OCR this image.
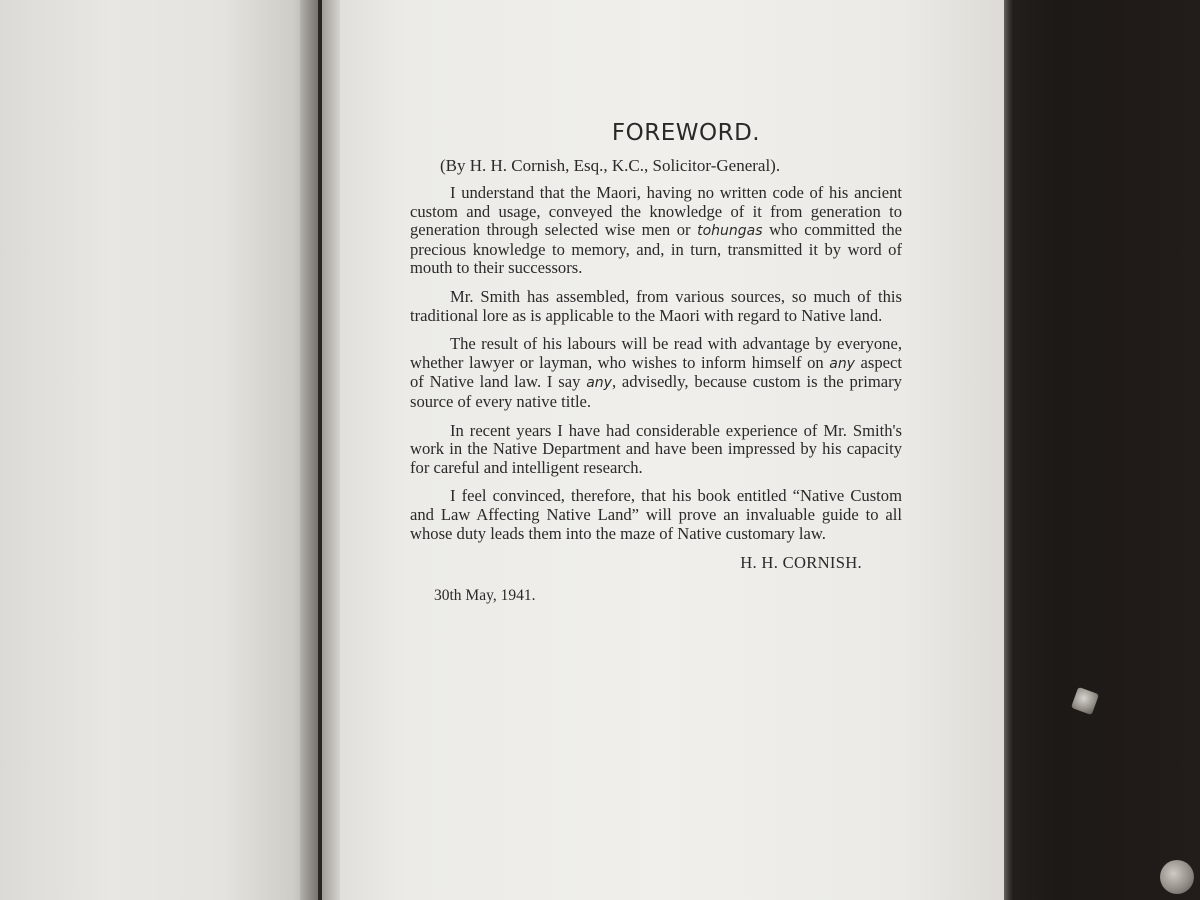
FOREWORD.
(By H. H. Cornish, Esq., K.C., Solicitor-General).

I understand that the Maori, having no written code of his ancient custom and usage, conveyed the knowledge of it from generation to generation through selected wise men or tohungas who committed the precious knowledge to memory, and, in turn, transmitted it by word of mouth to their successors.

Mr. Smith has assembled, from various sources, so much of this traditional lore as is applicable to the Maori with regard to Native land.

The result of his labours will be read with advantage by everyone, whether lawyer or layman, who wishes to inform himself on any aspect of Native land law. I say any, advisedly, because custom is the primary source of every native title.

In recent years I have had considerable experience of Mr. Smith's work in the Native Department and have been impressed by his capacity for careful and intelligent research.

I feel convinced, therefore, that his book entitled “Native Custom and Law Affecting Native Land” will prove an invaluable guide to all whose duty leads them into the maze of Native customary law.

H. H. CORNISH.
30th May, 1941.
